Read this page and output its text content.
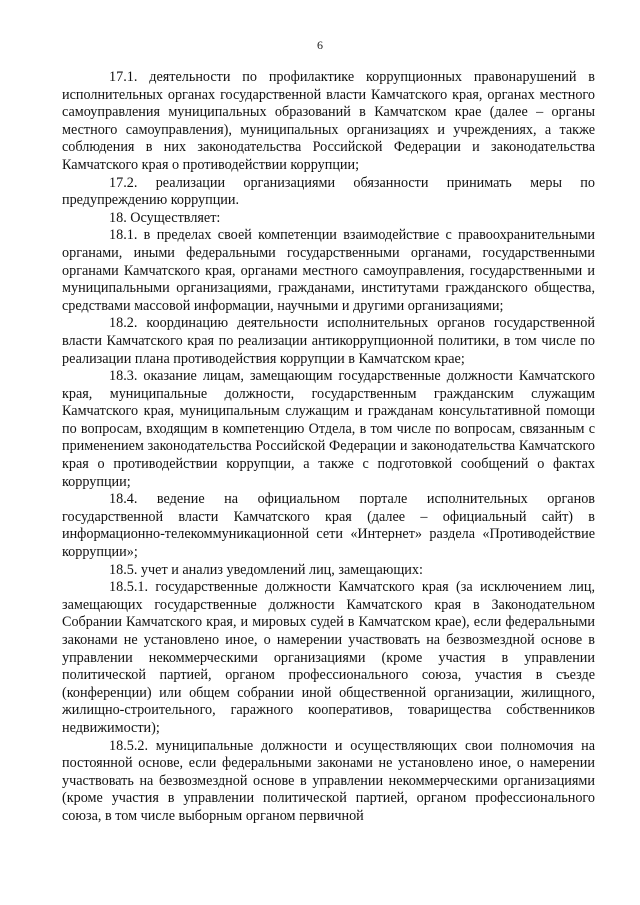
6

17.1. деятельности по профилактике коррупционных правонарушений в исполнительных органах государственной власти Камчатского края, органах местного самоуправления муниципальных образований в Камчатском крае (далее – органы местного самоуправления), муниципальных организациях и учреждениях, а также соблюдения в них законодательства Российской Федерации и законодательства Камчатского края о противодействии коррупции;

17.2. реализации организациями обязанности принимать меры по предупреждению коррупции.

18. Осуществляет:

18.1. в пределах своей компетенции взаимодействие с правоохранительными органами, иными федеральными государственными органами, государственными органами Камчатского края, органами местного самоуправления, государственными и муниципальными организациями, гражданами, институтами гражданского общества, средствами массовой информации, научными и другими организациями;

18.2. координацию деятельности исполнительных органов государственной власти Камчатского края по реализации антикоррупционной политики, в том числе по реализации плана противодействия коррупции в Камчатском крае;

18.3. оказание лицам, замещающим государственные должности Камчатского края, муниципальные должности, государственным гражданским служащим Камчатского края, муниципальным служащим и гражданам консультативной помощи по вопросам, входящим в компетенцию Отдела, в том числе по вопросам, связанным с применением законодательства Российской Федерации и законодательства Камчатского края о противодействии коррупции, а также с подготовкой сообщений о фактах коррупции;

18.4. ведение на официальном портале исполнительных органов государственной власти Камчатского края (далее – официальный сайт) в информационно-телекоммуникационной сети «Интернет» раздела «Противодействие коррупции»;

18.5. учет и анализ уведомлений лиц, замещающих:

18.5.1. государственные должности Камчатского края (за исключением лиц, замещающих государственные должности Камчатского края в Законодательном Собрании Камчатского края, и мировых судей в Камчатском крае), если федеральными законами не установлено иное, о намерении участвовать на безвозмездной основе в управлении некоммерческими организациями (кроме участия в управлении политической партией, органом профессионального союза, участия в съезде (конференции) или общем собрании иной общественной организации, жилищного, жилищно-строительного, гаражного кооперативов, товарищества собственников недвижимости);

18.5.2. муниципальные должности и осуществляющих свои полномочия на постоянной основе, если федеральными законами не установлено иное, о намерении участвовать на безвозмездной основе в управлении некоммерческими организациями (кроме участия в управлении политической партией, органом профессионального союза, в том числе выборным органом первичной
